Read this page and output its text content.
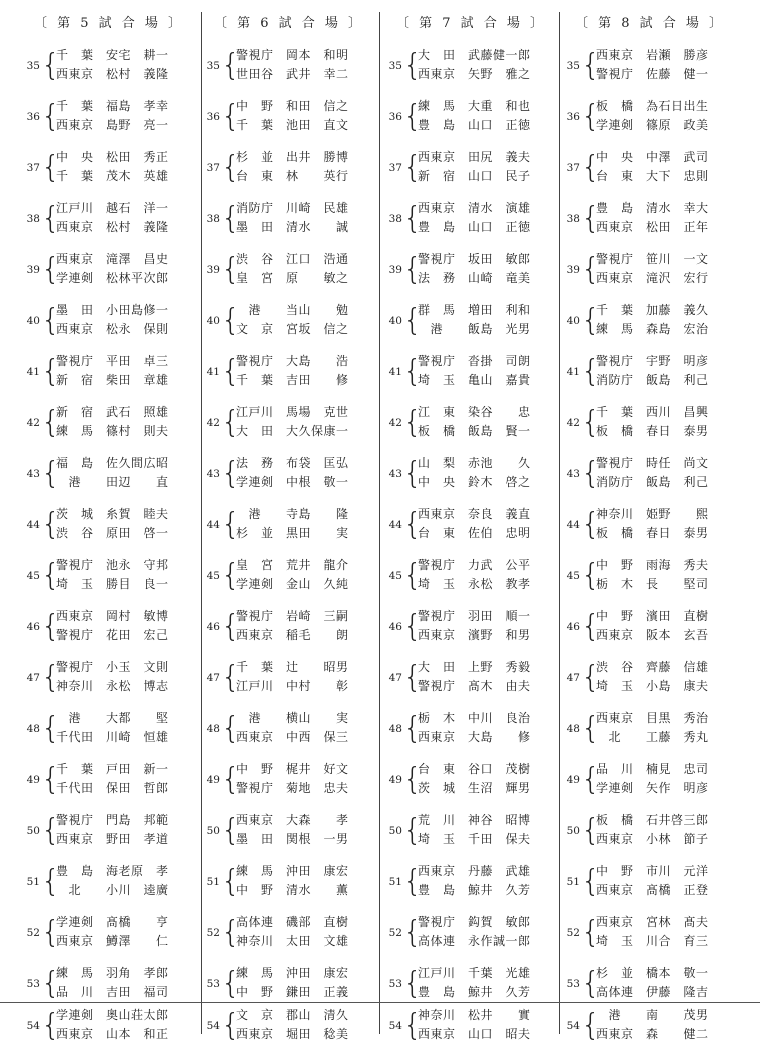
〔 第 5 試 合 場 〕
35 {
千　葉 安宅　耕一
西東京 松村　義隆
36 {
千　葉 福島　孝幸
西東京 島野　亮一
37 {
中　央 松田　秀正
千　葉 茂木　英雄
38 {
江戸川 越石　洋一
西東京 松村　義隆
39 {
西東京 滝澤　昌史
学連剣 松林平次郎
40 {
墨　田 小田島修一
西東京 松永　保則
41 {
警視庁 平田　卓三
新　宿 柴田　章雄
42 {
新　宿 武石　照雄
練　馬 篠村　則夫
43 {
福　島 佐久間広昭
　港 田辺　　直
44 {
茨　城 糸賀　睦夫
渋　谷 原田　啓一
45 {
警視庁 池永　守邦
埼　玉 勝目　良一
46 {
西東京 岡村　敏博
警視庁 花田　宏己
47 {
警視庁 小玉　文則
神奈川 永松　博志
48 {
　港 大都　　堅
千代田 川崎　恒雄
49 {
千　葉 戸田　新一
千代田 保田　哲郎
50 {
警視庁 門島　邦範
西東京 野田　孝道
51 {
豊　島 海老原　孝
　北 小川　逵廣
52 {
学連剣 髙橋　　亨
西東京 鱒澤　　仁
53 {
練　馬 羽角　孝郎
品　川 吉田　福司
54 {
学連剣 奥山荘太郎
西東京 山本　和正
〔 第 6 試 合 場 〕
35 {
警視庁 岡本　和明
世田谷 武井　幸二
36 {
中　野 和田　信之
千　葉 池田　直文
37 {
杉　並 出井　勝博
台　東 林　　英行
38 {
消防庁 川崎　民雄
墨　田 清水　　誠
39 {
渋　谷 江口　浩通
皇　宮 原　　敏之
40 {
　港 当山　　勉
文　京 宮坂　信之
41 {
警視庁 大島　　浩
千　葉 吉田　　修
42 {
江戸川 馬場　克世
大　田 大久保康一
43 {
法　務 布袋　匡弘
学連剣 中根　敬一
44 {
　港 寺島　　隆
杉　並 黒田　　実
45 {
皇　宮 荒井　龍介
学連剣 金山　久純
46 {
警視庁 岩崎　三嗣
西東京 稲毛　　朗
47 {
千　葉 辻　　昭男
江戸川 中村　　彰
48 {
　港 横山　　実
西東京 中西　保三
49 {
中　野 梶井　好文
警視庁 菊地　忠夫
50 {
西東京 大森　　孝
墨　田 関根　一男
51 {
練　馬 沖田　康宏
中　野 清水　　薫
52 {
高体連 磯部　直樹
神奈川 太田　文雄
53 {
練　馬 沖田　康宏
中　野 鎌田　正義
54 {
文　京 郡山　清久
西東京 堀田　稔美
〔 第 7 試 合 場 〕
35 {
大　田 武藤健一郎
西東京 矢野　雅之
36 {
練　馬 大重　和也
豊　島 山口　正徳
37 {
西東京 田尻　義夫
新　宿 山口　民子
38 {
西東京 清水　演雄
豊　島 山口　正徳
39 {
警視庁 坂田　敏郎
法　務 山崎　竜美
40 {
群　馬 増田　利和
　港 飯島　光男
41 {
警視庁 沓掛　司朗
埼　玉 亀山　嘉貴
42 {
江　東 染谷　　忠
板　橋 飯島　賢一
43 {
山　梨 赤池　　久
中　央 鈴木　啓之
44 {
西東京 奈良　義直
台　東 佐伯　忠明
45 {
警視庁 力武　公平
埼　玉 永松　教孝
46 {
警視庁 羽田　順一
西東京 濱野　和男
47 {
大　田 上野　秀毅
警視庁 髙木　由夫
48 {
栃　木 中川　良治
西東京 大島　　修
49 {
台　東 谷口　茂樹
茨　城 生沼　輝男
50 {
荒　川 神谷　昭博
埼　玉 千田　保夫
51 {
西東京 丹藤　武雄
豊　島 鯨井　久芳
52 {
警視庁 鈎賀　敏郎
高体連 永作誠一郎
53 {
江戸川 千葉　光雄
豊　島 鯨井　久芳
54 {
神奈川 松井　　實
西東京 山口　昭夫
〔 第 8 試 合 場 〕
35 {
西東京 岩瀬　勝彦
警視庁 佐藤　健一
36 {
板　橋 為石日出生
学連剣 篠原　政美
37 {
中　央 中澤　武司
台　東 大下　忠則
38 {
豊　島 清水　幸大
西東京 松田　正年
39 {
警視庁 笹川　一文
西東京 滝沢　宏行
40 {
千　葉 加藤　義久
練　馬 森島　宏治
41 {
警視庁 宇野　明彦
消防庁 飯島　利己
42 {
千　葉 西川　昌興
板　橋 春日　泰男
43 {
警視庁 時任　尚文
消防庁 飯島　利己
44 {
神奈川 姫野　　熙
板　橋 春日　泰男
45 {
中　野 雨海　秀夫
栃　木 長　　堅司
46 {
中　野 濱田　直樹
西東京 阪本　玄吾
47 {
渋　谷 齊藤　信雄
埼　玉 小島　康夫
48 {
西東京 目黒　秀治
　北 工藤　秀丸
49 {
品　川 楠見　忠司
学連剣 矢作　明彦
50 {
板　橋 石井啓三郎
西東京 小林　節子
51 {
中　野 市川　元洋
西東京 髙橋　正登
52 {
西東京 宮林　髙夫
埼　玉 川合　育三
53 {
杉　並 橋本　敬一
高体連 伊藤　隆吉
54 {
　港 南　　茂男
西東京 森　　健二
